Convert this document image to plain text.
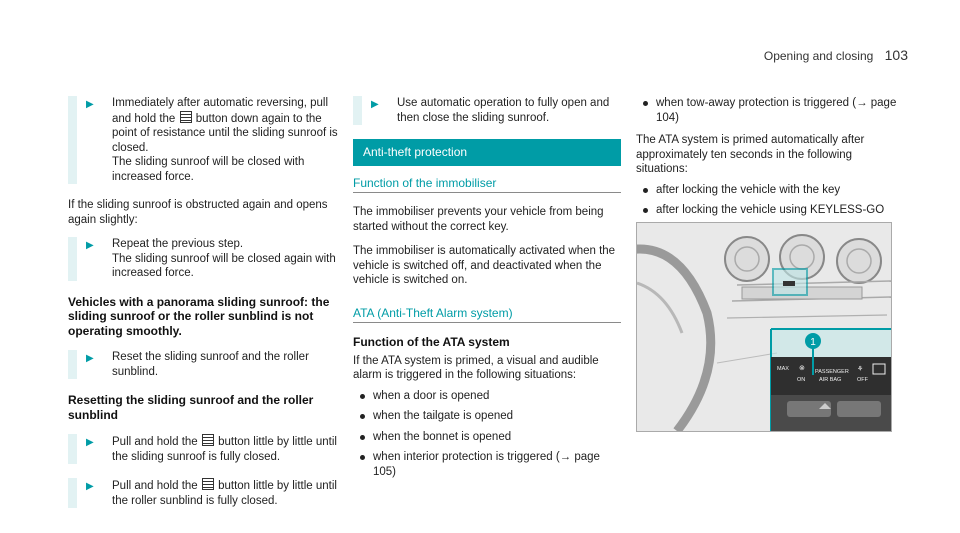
Opening and closing 103
▶ Immediately after automatic reversing, pull
and hold the button down again to the
point of resistance until the sliding sunroof is
closed.
The sliding sunroof will be closed with
increased force.

If the sliding sunroof is obstructed again and opens again slightly:

▶ Repeat the previous step.
The sliding sunroof will be closed again with
increased force.

Vehicles with a panorama sliding sunroof: the sliding sunroof or the roller sunblind is not operating smoothly.

▶ Reset the sliding sunroof and the roller sunblind.

Resetting the sliding sunroof and the roller sunblind

▶ Pull and hold the button little by little until the sliding sunroof is fully closed.

▶ Pull and hold the button little by little until the roller sunblind is fully closed.

▶ Use automatic operation to fully open and then close the sliding sunroof.

Anti-theft protection
Function of the immobiliser

The immobiliser prevents your vehicle from being started without the correct key.

The immobiliser is automatically activated when the vehicle is switched off, and deactivated when the vehicle is switched on.

ATA (Anti-Theft Alarm system)

Function of the ATA system

If the ATA system is primed, a visual and audible alarm is triggered in the following situations:

when a door is opened
when the tailgate is opened
when the bonnet is opened
when interior protection is triggered (→ page 105)
when tow-away protection is triggered (→ page 104)

The ATA system is primed automatically after approximately ten seconds in the following situations:

after locking the vehicle with the key
after locking the vehicle using KEYLESS-GO
1
MAX ⊗
ON
PASSENGER
AIR BAG
⚘
OFF
